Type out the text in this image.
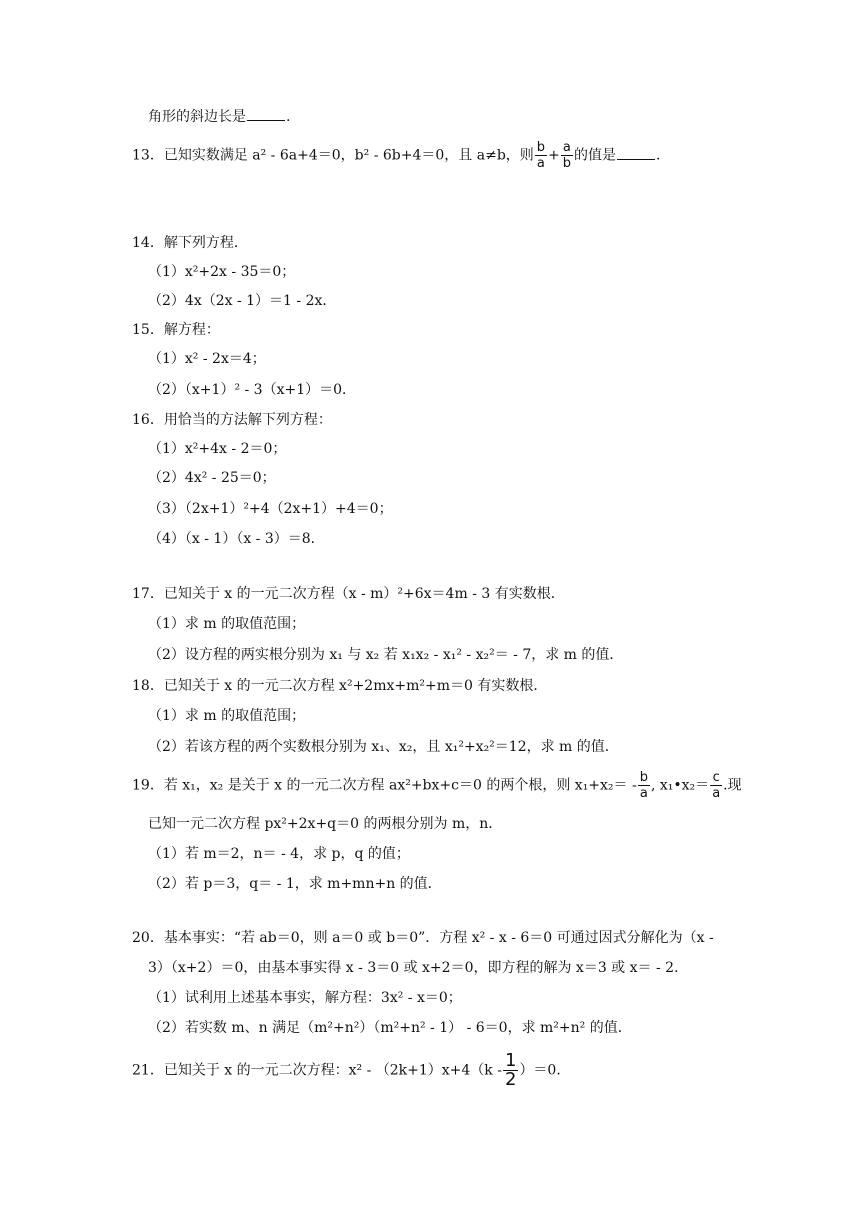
角形的斜边长是	.
13．已知实数满足 a² - 6a+4＝0，b² - 6b+4＝0，且 a≠b，则 $\frac{b}{a} + \frac{a}{b}$ 的值是	.
14．解下列方程．
（1）x²+2x - 35＝0；
（2）4x（2x - 1）＝1 - 2x．
15．解方程：
（1）x² - 2x＝4；
（2）（x+1）² - 3（x+1）＝0．
16．用恰当的方法解下列方程：
（1）x²+4x - 2＝0；
（2）4x² - 25＝0；
（3）（2x+1）²+4（2x+1）+4＝0；
（4）（x - 1）（x - 3）＝8．
17．已知关于 x 的一元二次方程（x - m）²+6x＝4m - 3 有实数根．
（1）求 m 的取值范围；
（2）设方程的两实根分别为 x₁ 与 x₂ 若 x₁x₂ - x₁² - x₂²＝ - 7，求 m 的值．
18．已知关于 x 的一元二次方程 x²+2mx+m²+m＝0 有实数根．
（1）求 m 的取值范围；
（2）若该方程的两个实数根分别为 x₁、x₂，且 x₁²+x₂²＝12，求 m 的值．
19．若 x₁，x₂ 是关于 x 的一元二次方程 ax²+bx+c＝0 的两个根，则 $x_1+x_2= - \frac{b}{a}$ , x₁•x₂＝ $\frac{c}{a}$ .现
已知一元二次方程 px²+2x+q＝0 的两根分别为 m，n．
（1）若 m＝2，n＝ - 4，求 p，q 的值；
（2）若 p＝3，q＝ - 1，求 m+mn+n 的值．
20．基本事实：“若 ab＝0，则 a＝0 或 b＝0”．方程 x² - x - 6＝0 可通过因式分解化为（x -
3）（x+2）＝0，由基本事实得 x - 3＝0 或 x+2＝0，即方程的解为 x＝3 或 x＝ - 2．
（1）试利用上述基本事实，解方程：3x² - x＝0；
（2）若实数 m、n 满足（m²+n²）（m²+n² - 1） - 6＝0，求 m²+n² 的值．
21．已知关于 x 的一元二次方程：$x^2 - (2k+1)x+4(k - \frac{1}{2} )=0$．
